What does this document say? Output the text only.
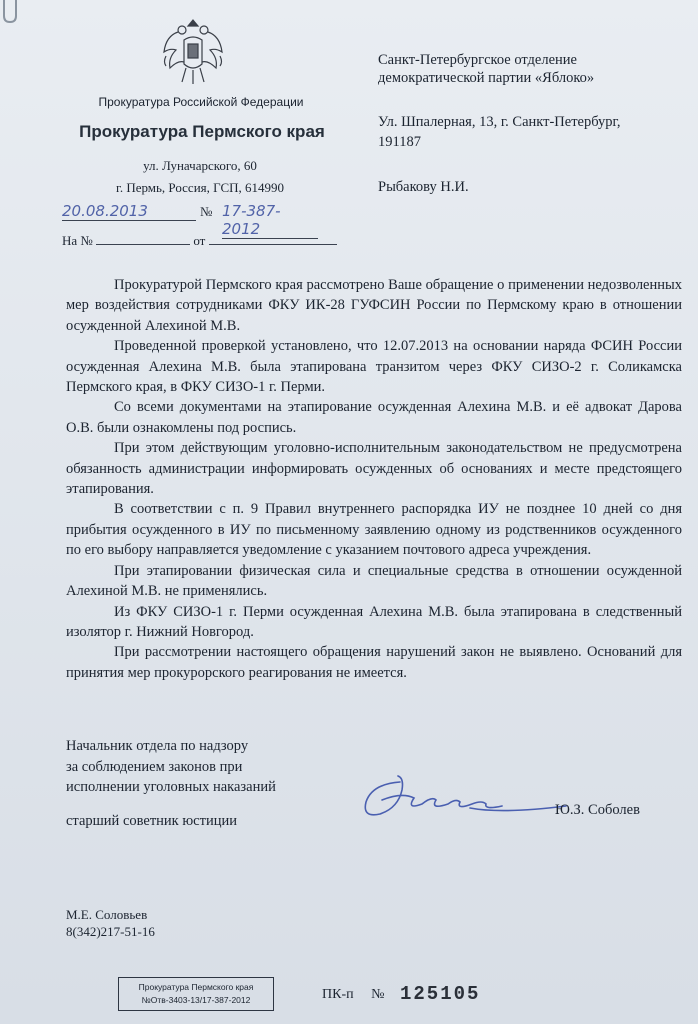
Прокуратура Российской Федерации
Прокуратура Пермского края
ул. Луначарского, 60
г. Пермь, Россия, ГСП, 614990
20.08.2013	№ 17-387-2012
На №	от
Санкт-Петербургское отделение
демократической партии «Яблоко»
Ул. Шпалерная, 13, г. Санкт-Петербург,
191187
Рыбакову Н.И.

Прокуратурой Пермского края рассмотрено Ваше обращение о применении недозволенных мер воздействия сотрудниками ФКУ ИК-28 ГУФСИН России по Пермскому краю в отношении осужденной Алехиной М.В.

Проведенной проверкой установлено, что 12.07.2013 на основании наряда ФСИН России осужденная Алехина М.В. была этапирована транзитом через ФКУ СИЗО-2 г. Соликамска Пермского края, в ФКУ СИЗО-1 г. Перми.

Со всеми документами на этапирование осужденная Алехина М.В. и её адвокат Дарова О.В. были ознакомлены под роспись.

При этом действующим уголовно-исполнительным законодательством не предусмотрена обязанность администрации информировать осужденных об основаниях и месте предстоящего этапирования.

В соответствии с п. 9 Правил внутреннего распорядка ИУ не позднее 10 дней со дня прибытия осужденного в ИУ по письменному заявлению одному из родственников осужденного по его выбору направляется уведомление с указанием почтового адреса учреждения.

При этапировании физическая сила и специальные средства в отношении осужденной Алехиной М.В. не применялись.

Из ФКУ СИЗО-1 г. Перми осужденная Алехина М.В. была этапирована в следственный изолятор г. Нижний Новгород.

При рассмотрении настоящего обращения нарушений закон не выявлено. Оснований для принятия мер прокурорского реагирования не имеется.

Начальник отдела по надзору
за соблюдением законов при
исполнении уголовных наказаний
старший советник юстиции
Ю.З. Соболев
М.Е. Соловьев
8(342)217-51-16
Прокуратура Пермского края
№Отв-3403-13/17-387-2012	ПК-п № 125105
